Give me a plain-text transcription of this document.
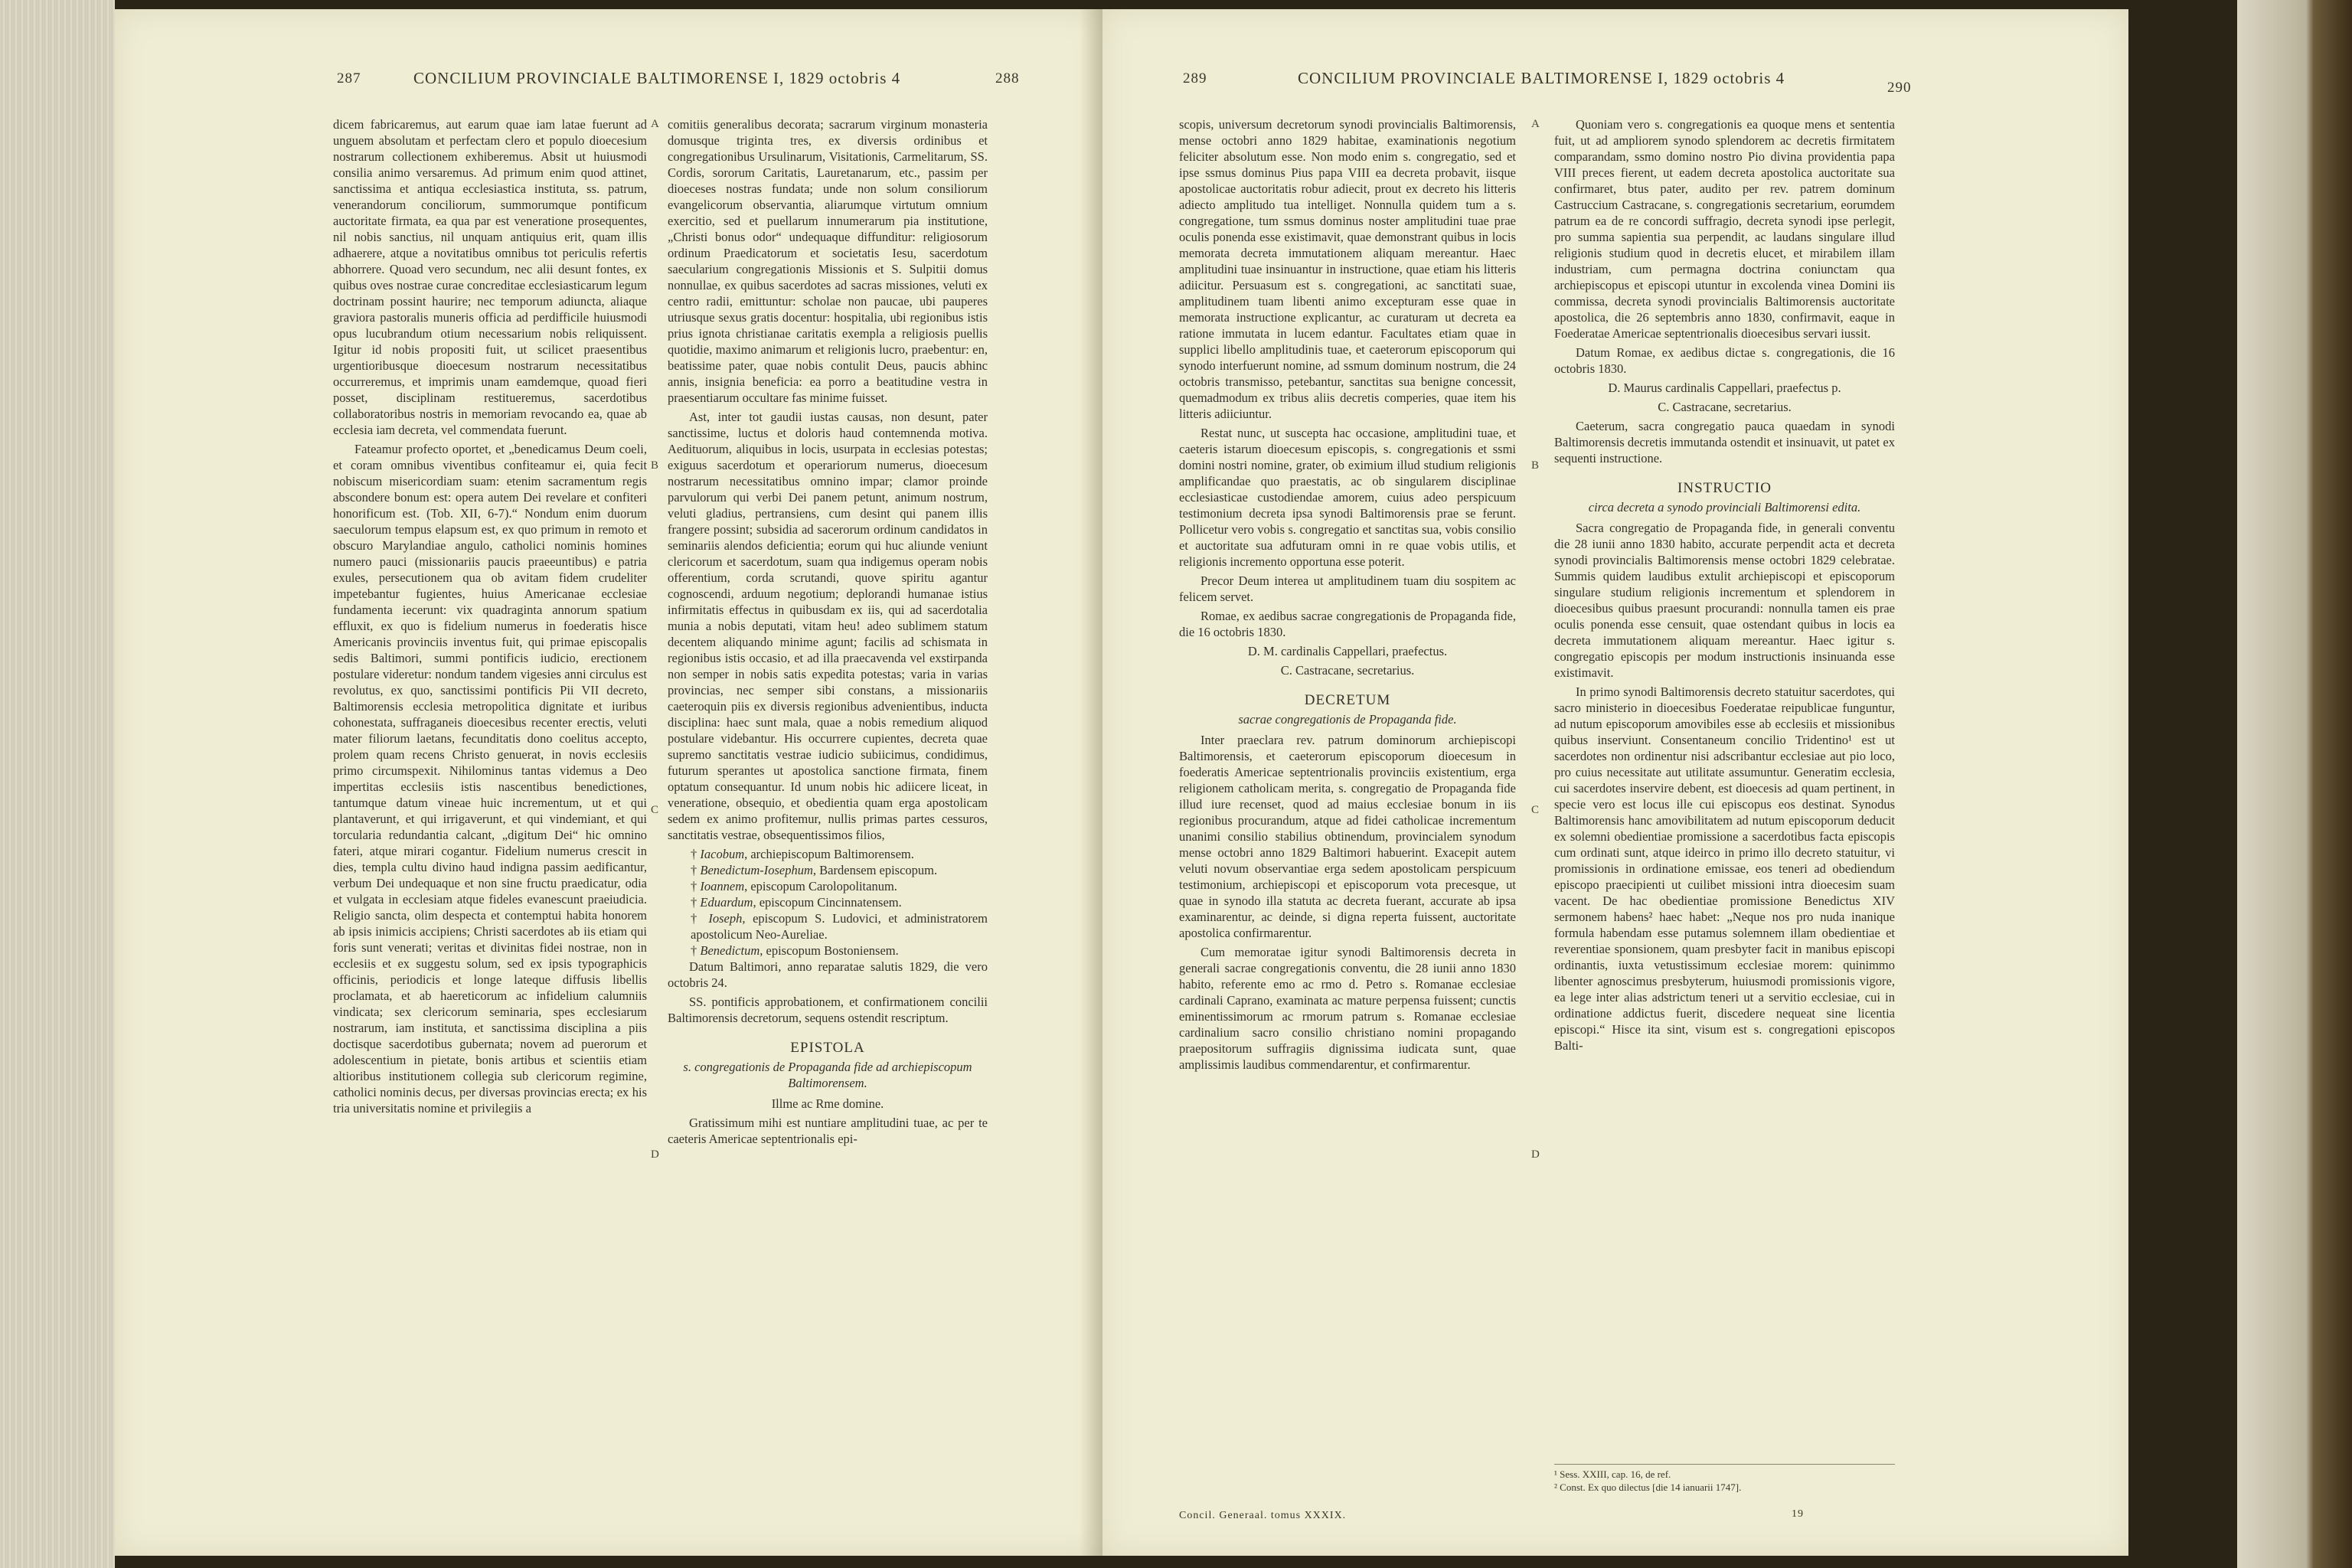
287	CONCILIUM PROVINCIALE BALTIMORENSE I, 1829 octobris 4	288

dicem fabricaremus, aut earum quae iam latae fuerunt ad unguem absolutam et perfectam clero et populo dioecesium nostrarum collectionem exhiberemus. Absit ut huiusmodi consilia animo versaremus. Ad primum enim quod attinet, sanctissima et antiqua ecclesiastica instituta, ss. patrum, venerandorum conciliorum, summorumque pontificum auctoritate firmata, ea qua par est veneratione prosequentes, nil nobis sanctius, nil unquam antiquius erit, quam illis adhaerere, atque a novitatibus omnibus tot periculis refertis abhorrere. Quoad vero secundum, nec alii desunt fontes, ex quibus oves nostrae curae concreditae ecclesiasticarum legum doctrinam possint haurire; nec temporum adiuncta, aliaque graviora pastoralis muneris officia ad perdifficile huiusmodi opus lucubrandum otium necessarium nobis reliquissent. Igitur id nobis propositi fuit, ut scilicet praesentibus urgentioribusque dioecesum nostrarum necessitatibus occurreremus, et imprimis unam eamdemque, quoad fieri posset, disciplinam restitueremus, sacerdotibus collaboratoribus nostris in memoriam revocando ea, quae ab ecclesia iam decreta, vel commendata fuerunt.

Fateamur profecto oportet, et „benedicamus Deum coeli, et coram omnibus viventibus confiteamur ei, quia fecit nobiscum misericordiam suam: etenim sacramentum regis abscondere bonum est: opera autem Dei revelare et confiteri honorificum est. (Tob. XII, 6-7).“ Nondum enim duorum saeculorum tempus elapsum est, ex quo primum in remoto et obscuro Marylandiae angulo, catholici nominis homines numero pauci (missionariis paucis praeeuntibus) e patria exules, persecutionem qua ob avitam fidem crudeliter impetebantur fugientes, huius Americanae ecclesiae fundamenta iecerunt: vix quadraginta annorum spatium effluxit, ex quo is fidelium numerus in foederatis hisce Americanis provinciis inventus fuit, qui primae episcopalis sedis Baltimori, summi pontificis iudicio, erectionem postulare videretur: nondum tandem vigesies anni circulus est revolutus, ex quo, sanctissimi pontificis Pii VII decreto, Baltimorensis ecclesia metropolitica dignitate et iuribus cohonestata, suffraganeis dioecesibus recenter erectis, veluti mater filiorum laetans, fecunditatis dono coelitus accepto, prolem quam recens Christo genuerat, in novis ecclesiis primo circumspexit. Nihilominus tantas videmus a Deo impertitas ecclesiis istis nascentibus benedictiones, tantumque datum vineae huic incrementum, ut et qui plantaverunt, et qui irrigaverunt, et qui vindemiant, et qui torcularia redundantia calcant, „digitum Dei“ hic omnino fateri, atque mirari cogantur. Fidelium numerus crescit in dies, templa cultu divino haud indigna passim aedificantur, verbum Dei undequaque et non sine fructu praedicatur, odia et vulgata in ecclesiam atque fideles evanescunt praeiudicia. Religio sancta, olim despecta et contemptui habita honorem ab ipsis inimicis accipiens; Christi sacerdotes ab iis etiam qui foris sunt venerati; veritas et divinitas fidei nostrae, non in ecclesiis et ex suggestu solum, sed ex ipsis typographicis officinis, periodicis et longe lateque diffusis libellis proclamata, et ab haereticorum ac infidelium calumniis vindicata; sex clericorum seminaria, spes ecclesiarum nostrarum, iam instituta, et sanctissima disciplina a piis doctisque sacerdotibus gubernata; novem ad puerorum et adolescentium in pietate, bonis artibus et scientiis etiam altioribus institutionem collegia sub clericorum regimine, catholici nominis decus, per diversas provincias erecta; ex his tria universitatis nomine et privilegiis a

comitiis generalibus decorata; sacrarum virginum monasteria domusque triginta tres, ex diversis ordinibus et congregationibus Ursulinarum, Visitationis, Carmelitarum, SS. Cordis, sororum Caritatis, Lauretanarum, etc., passim per dioeceses nostras fundata; unde non solum consiliorum evangelicorum observantia, aliarumque virtutum omnium exercitio, sed et puellarum innumerarum pia institutione, „Christi bonus odor“ undequaque diffunditur: religiosorum ordinum Praedicatorum et societatis Iesu, sacerdotum saecularium congregationis Missionis et S. Sulpitii domus nonnullae, ex quibus sacerdotes ad sacras missiones, veluti ex centro radii, emittuntur: scholae non paucae, ubi pauperes utriusque sexus gratis docentur: hospitalia, ubi regionibus istis prius ignota christianae caritatis exempla a religiosis puellis quotidie, maximo animarum et religionis lucro, praebentur: en, beatissime pater, quae nobis contulit Deus, paucis abhinc annis, insignia beneficia: ea porro a beatitudine vestra in praesentiarum occultare fas minime fuisset.

Ast, inter tot gaudii iustas causas, non desunt, pater sanctissime, luctus et doloris haud contemnenda motiva. Aedituorum, aliquibus in locis, usurpata in ecclesias potestas; exiguus sacerdotum et operariorum numerus, dioecesum nostrarum necessitatibus omnino impar; clamor proinde parvulorum qui verbi Dei panem petunt, animum nostrum, veluti gladius, pertransiens, cum desint qui panem illis frangere possint; subsidia ad sacerorum ordinum candidatos in seminariis alendos deficientia; eorum qui huc aliunde veniunt clericorum et sacerdotum, suam qua indigemus operam nobis offerentium, corda scrutandi, quove spiritu agantur cognoscendi, arduum negotium; deplorandi humanae istius infirmitatis effectus in quibusdam ex iis, qui ad sacerdotalia munia a nobis deputati, vitam heu! adeo sublimem statum decentem aliquando minime agunt; facilis ad schismata in regionibus istis occasio, et ad illa praecavenda vel exstirpanda non semper in nobis satis expedita potestas; varia in varias provincias, nec semper sibi constans, a missionariis caeteroquin piis ex diversis regionibus advenientibus, inducta disciplina: haec sunt mala, quae a nobis remedium aliquod postulare videbantur. His occurrere cupientes, decreta quae supremo sanctitatis vestrae iudicio subiicimus, condidimus, futurum sperantes ut apostolica sanctione firmata, finem optatum consequantur. Id unum nobis hic adiicere liceat, in veneratione, obsequio, et obedientia quam erga apostolicam sedem ex animo profitemur, nullis primas partes cessuros, sanctitatis vestrae, obsequentissimos filios,

† Iacobum, archiepiscopum Baltimorensem.

† Benedictum-Iosephum, Bardensem episcopum.

† Ioannem, episcopum Carolopolitanum.

† Eduardum, episcopum Cincinnatensem.

† Ioseph, episcopum S. Ludovici, et administratorem apostolicum Neo-Aureliae.

† Benedictum, episcopum Bostoniensem.

Datum Baltimori, anno reparatae salutis 1829, die vero octobris 24.

SS. pontificis approbationem, et confirmationem concilii Baltimorensis decretorum, sequens ostendit rescriptum.

EPISTOLA
s. congregationis de Propaganda fide ad archiepiscopum Baltimorensem.

Illme ac Rme domine.

Gratissimum mihi est nuntiare amplitudini tuae, ac per te caeteris Americae septentrionalis epi-

A
B
C
D
289	CONCILIUM PROVINCIALE BALTIMORENSE I, 1829 octobris 4
290

scopis, universum decretorum synodi provincialis Baltimorensis, mense octobri anno 1829 habitae, examinationis negotium feliciter absolutum esse. Non modo enim s. congregatio, sed et ipse ssmus dominus Pius papa VIII ea decreta probavit, iisque apostolicae auctoritatis robur adiecit, prout ex decreto his litteris adiecto amplitudo tua intelliget. Nonnulla quidem tum a s. congregatione, tum ssmus dominus noster amplitudini tuae prae oculis ponenda esse existimavit, quae demonstrant quibus in locis memorata decreta immutationem aliquam mereantur. Haec amplitudini tuae insinuantur in instructione, quae etiam his litteris adiicitur. Persuasum est s. congregationi, ac sanctitati suae, amplitudinem tuam libenti animo excepturam esse quae in memorata instructione explicantur, ac curaturam ut decreta ea ratione immutata in lucem edantur. Facultates etiam quae in supplici libello amplitudinis tuae, et caeterorum episcoporum qui synodo interfuerunt nomine, ad ssmum dominum nostrum, die 24 octobris transmisso, petebantur, sanctitas sua benigne concessit, quemadmodum ex tribus aliis decretis comperies, quae item his litteris adiiciuntur.

Restat nunc, ut suscepta hac occasione, amplitudini tuae, et caeteris istarum dioecesum episcopis, s. congregationis et ssmi domini nostri nomine, grater, ob eximium illud studium religionis amplificandae quo praestatis, ac ob singularem disciplinae ecclesiasticae custodiendae amorem, cuius adeo perspicuum testimonium decreta ipsa synodi Baltimorensis prae se ferunt. Pollicetur vero vobis s. congregatio et sanctitas sua, vobis consilio et auctoritate sua adfuturam omni in re quae vobis utilis, et religionis incremento opportuna esse poterit.

Precor Deum interea ut amplitudinem tuam diu sospitem ac felicem servet.

Romae, ex aedibus sacrae congregationis de Propaganda fide, die 16 octobris 1830.

D. M. cardinalis Cappellari, praefectus.

C. Castracane, secretarius.

DECRETUM
sacrae congregationis de Propaganda fide.

Inter praeclara rev. patrum dominorum archiepiscopi Baltimorensis, et caeterorum episcoporum dioecesum in foederatis Americae septentrionalis provinciis existentium, erga religionem catholicam merita, s. congregatio de Propaganda fide illud iure recenset, quod ad maius ecclesiae bonum in iis regionibus procurandum, atque ad fidei catholicae incrementum unanimi consilio stabilius obtinendum, provincialem synodum mense octobri anno 1829 Baltimori habuerint. Exacepit autem veluti novum observantiae erga sedem apostolicam perspicuum testimonium, archiepiscopi et episcoporum vota precesque, ut quae in synodo illa statuta ac decreta fuerant, accurate ab ipsa examinarentur, ac deinde, si digna reperta fuissent, auctoritate apostolica confirmarentur.

Cum memoratae igitur synodi Baltimorensis decreta in generali sacrae congregationis conventu, die 28 iunii anno 1830 habito, referente emo ac rmo d. Petro s. Romanae ecclesiae cardinali Caprano, examinata ac mature perpensa fuissent; cunctis eminentissimorum ac rmorum patrum s. Romanae ecclesiae cardinalium sacro consilio christiano nomini propagando praepositorum suffragiis dignissima iudicata sunt, quae amplissimis laudibus commendarentur, et confirmarentur.

Quoniam vero s. congregationis ea quoque mens et sententia fuit, ut ad ampliorem synodo splendorem ac decretis firmitatem comparandam, ssmo domino nostro Pio divina providentia papa VIII preces fierent, ut eadem decreta apostolica auctoritate sua confirmaret, btus pater, audito per rev. patrem dominum Castruccium Castracane, s. congregationis secretarium, eorumdem patrum ea de re concordi suffragio, decreta synodi ipse perlegit, pro summa sapientia sua perpendit, ac laudans singulare illud religionis studium quod in decretis elucet, et mirabilem illam industriam, cum permagna doctrina coniunctam qua archiepiscopus et episcopi utuntur in excolenda vinea Domini iis commissa, decreta synodi provincialis Baltimorensis auctoritate apostolica, die 26 septembris anno 1830, confirmavit, eaque in Foederatae Americae septentrionalis dioecesibus servari iussit.

Datum Romae, ex aedibus dictae s. congregationis, die 16 octobris 1830.

D. Maurus cardinalis Cappellari, praefectus p.

C. Castracane, secretarius.

Caeterum, sacra congregatio pauca quaedam in synodi Baltimorensis decretis immutanda ostendit et insinuavit, ut patet ex sequenti instructione.

INSTRUCTIO
circa decreta a synodo provinciali Baltimorensi edita.

Sacra congregatio de Propaganda fide, in generali conventu die 28 iunii anno 1830 habito, accurate perpendit acta et decreta synodi provincialis Baltimorensis mense octobri 1829 celebratae. Summis quidem laudibus extulit archiepiscopi et episcoporum singulare studium religionis incrementum et splendorem in dioecesibus quibus praesunt procurandi: nonnulla tamen eis prae oculis ponenda esse censuit, quae ostendant quibus in locis ea decreta immutationem aliquam mereantur. Haec igitur s. congregatio episcopis per modum instructionis insinuanda esse existimavit.

In primo synodi Baltimorensis decreto statuitur sacerdotes, qui sacro ministerio in dioecesibus Foederatae reipublicae funguntur, ad nutum episcoporum amovibiles esse ab ecclesiis et missionibus quibus inserviunt. Consentaneum concilio Tridentino¹ est ut sacerdotes non ordinentur nisi adscribantur ecclesiae aut pio loco, pro cuius necessitate aut utilitate assumuntur. Generatim ecclesia, cui sacerdotes inservire debent, est dioecesis ad quam pertinent, in specie vero est locus ille cui episcopus eos destinat. Synodus Baltimorensis hanc amovibilitatem ad nutum episcoporum deducit ex solemni obedientiae promissione a sacerdotibus facta episcopis cum ordinati sunt, atque ideirco in primo illo decreto statuitur, vi promissionis in ordinatione emissae, eos teneri ad obediendum episcopo praecipienti ut cuilibet missioni intra dioecesim suam vacent. De hac obedientiae promissione Benedictus XIV sermonem habens² haec habet: „Neque nos pro nuda inanique formula habendam esse putamus solemnem illam obedientiae et reverentiae sponsionem, quam presbyter facit in manibus episcopi ordinantis, iuxta vetustissimum ecclesiae morem: quinimmo libenter agnoscimus presbyterum, huiusmodi promissionis vigore, ea lege inter alias adstrictum teneri ut a servitio ecclesiae, cui in ordinatione addictus fuerit, discedere nequeat sine licentia episcopi.“ Hisce ita sint, visum est s. congregationi episcopos Balti-

A
B
C
D
¹ Sess. XXIII, cap. 16, de ref.
² Const. Ex quo dilectus [die 14 ianuarii 1747].
Concil. Generaal. tomus XXXIX.	19
